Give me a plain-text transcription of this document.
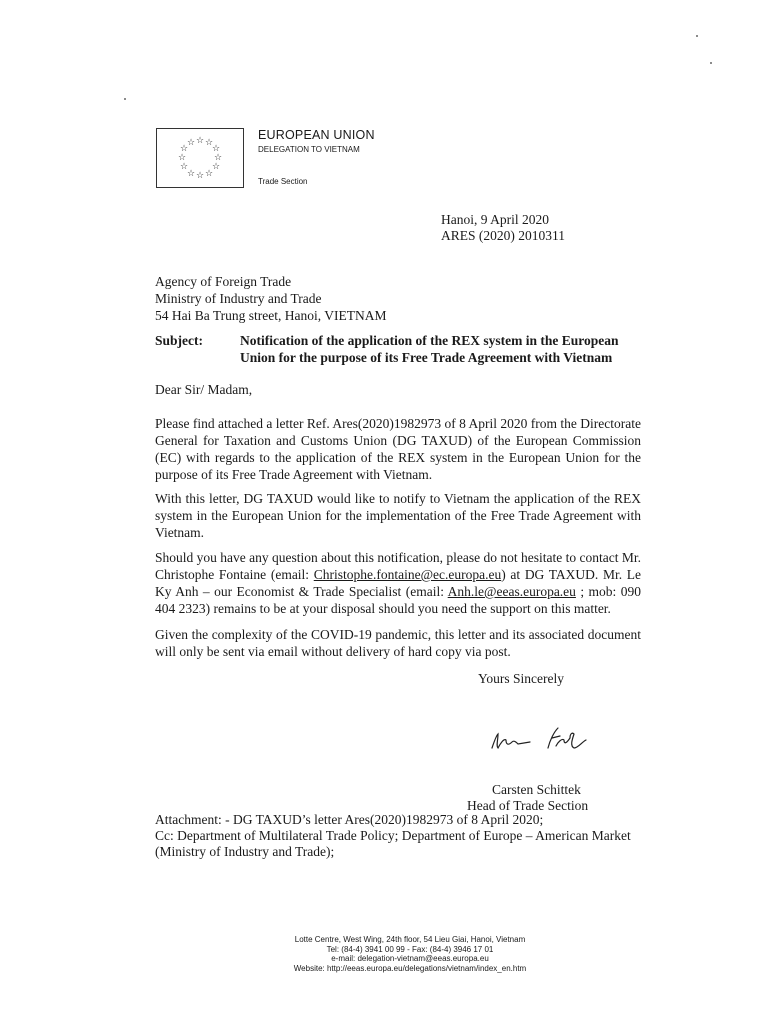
☆ ☆
☆
☆
☆
☆
☆
☆
☆
☆
☆
☆
EUROPEAN UNION
DELEGATION TO VIETNAM
Trade Section
Hanoi, 9 April 2020
ARES (2020) 2010311
Agency of Foreign Trade
Ministry of Industry and Trade
54 Hai Ba Trung street, Hanoi, VIETNAM
Subject:	Notification of the application of the REX system in the European Union for the purpose of its Free Trade Agreement with Vietnam
Dear Sir/ Madam,
Please find attached a letter Ref. Ares(2020)1982973 of 8 April 2020 from the Directorate General for Taxation and Customs Union (DG TAXUD) of the European Commission (EC) with regards to the application of the REX system in the European Union for the purpose of its Free Trade Agreement with Vietnam.
With this letter, DG TAXUD would like to notify to Vietnam the application of the REX system in the European Union for the implementation of the Free Trade Agreement with Vietnam.
Should you have any question about this notification, please do not hesitate to contact Mr. Christophe Fontaine (email: Christophe.fontaine@ec.europa.eu) at DG TAXUD. Mr. Le Ky Anh – our Economist & Trade Specialist (email: Anh.le@eeas.europa.eu ; mob: 090 404 2323) remains to be at your disposal should you need the support on this matter.
Given the complexity of the COVID-19 pandemic, this letter and its associated document will only be sent via email without delivery of hard copy via post.
Yours Sincerely
Carsten Schittek
Head of Trade Section
Attachment: - DG TAXUD’s letter Ares(2020)1982973 of 8 April 2020;
Cc: Department of Multilateral Trade Policy; Department of Europe – American Market
(Ministry of Industry and Trade);
Lotte Centre, West Wing, 24th floor, 54 Lieu Giai, Hanoi, Vietnam
Tel: (84-4) 3941 00 99 - Fax: (84-4) 3946 17 01
e-mail: delegation-vietnam@eeas.europa.eu
Website: http://eeas.europa.eu/delegations/vietnam/index_en.htm
